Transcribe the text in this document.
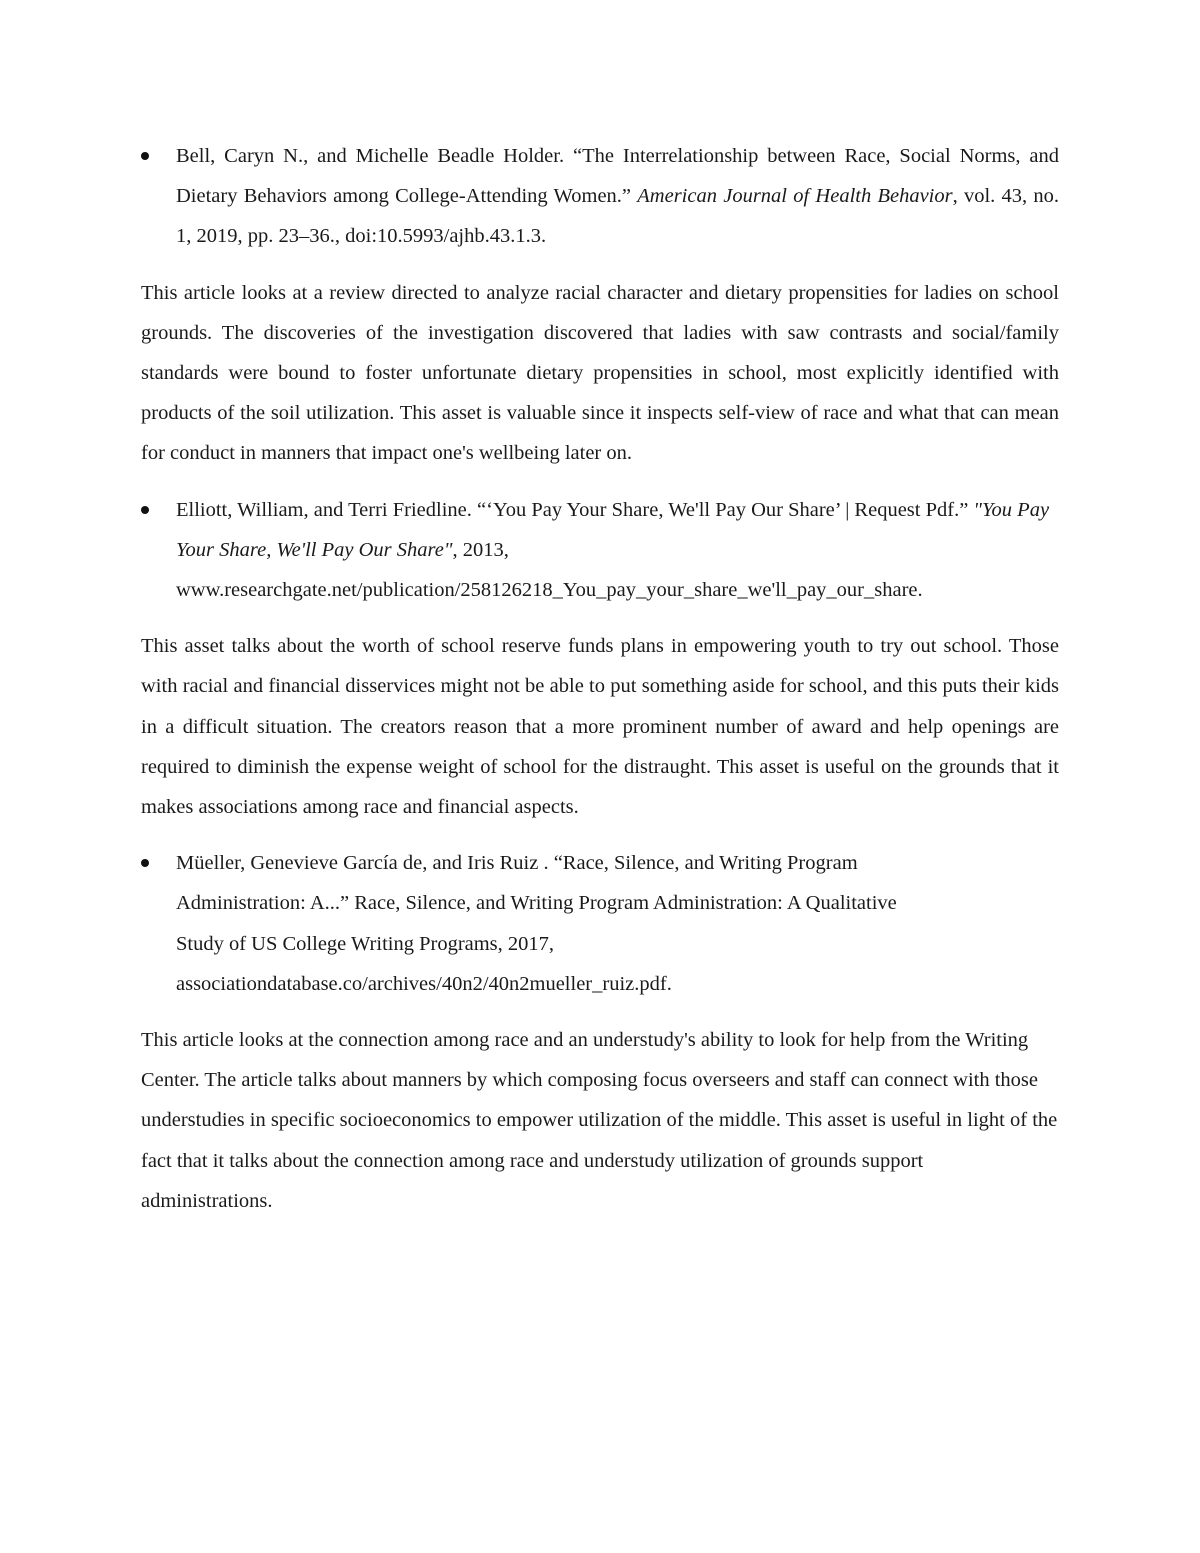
Bell, Caryn N., and Michelle Beadle Holder. “The Interrelationship between Race, Social Norms, and Dietary Behaviors among College-Attending Women.” American Journal of Health Behavior, vol. 43, no. 1, 2019, pp. 23–36., doi:10.5993/ajhb.43.1.3.

This article looks at a review directed to analyze racial character and dietary propensities for ladies on school grounds. The discoveries of the investigation discovered that ladies with saw contrasts and social/family standards were bound to foster unfortunate dietary propensities in school, most explicitly identified with products of the soil utilization. This asset is valuable since it inspects self-view of race and what that can mean for conduct in manners that impact one's wellbeing later on.

Elliott, William, and Terri Friedline. “‘You Pay Your Share, We'll Pay Our Share’ | Request Pdf.” "You Pay Your Share, We'll Pay Our Share", 2013,
www.researchgate.net/publication/258126218_You_pay_your_share_we'll_pay_our_share.

This asset talks about the worth of school reserve funds plans in empowering youth to try out school. Those with racial and financial disservices might not be able to put something aside for school, and this puts their kids in a difficult situation. The creators reason that a more prominent number of award and help openings are required to diminish the expense weight of school for the distraught. This asset is useful on the grounds that it makes associations among race and financial aspects.

Müeller, Genevieve García de, and Iris Ruiz . “Race, Silence, and Writing Program
Administration: A...” Race, Silence, and Writing Program Administration: A Qualitative
Study of US College Writing Programs, 2017,
associationdatabase.co/archives/40n2/40n2mueller_ruiz.pdf.

This article looks at the connection among race and an understudy's ability to look for help from the Writing Center. The article talks about manners by which composing focus overseers and staff can connect with those understudies in specific socioeconomics to empower utilization of the middle. This asset is useful in light of the fact that it talks about the connection among race and understudy utilization of grounds support administrations.
